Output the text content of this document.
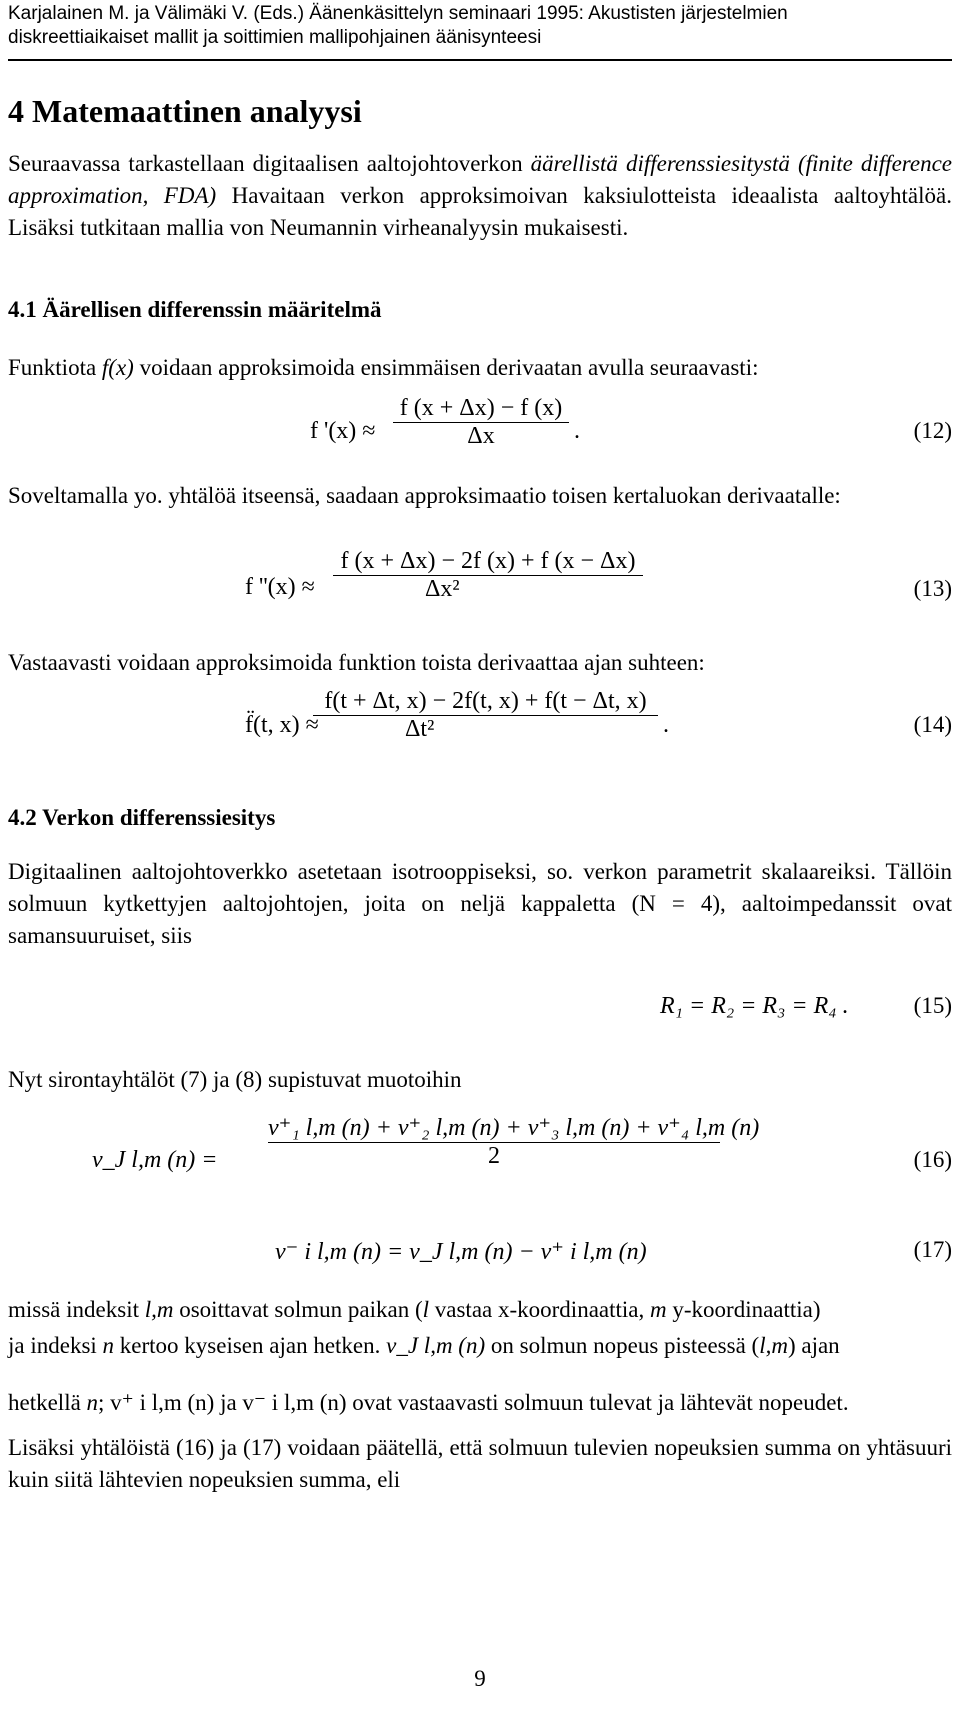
Karjalainen M. ja Välimäki V. (Eds.) Äänenkäsittelyn seminaari 1995: Akustisten järjestelmien
diskreettiaikaiset mallit ja soittimien mallipohjainen äänisynteesi
4 Matemaattinen analyysi
Seuraavassa tarkastellaan digitaalisen aaltojohtoverkon äärellistä differenssiesitystä (finite difference approximation, FDA) Havaitaan verkon approksimoivan kaksiulotteista ideaalista aaltoyhtälöä. Lisäksi tutkitaan mallia von Neumannin virheanalyysin mukaisesti.
4.1 Äärellisen differenssin määritelmä
Funktiota f(x) voidaan approksimoida ensimmäisen derivaatan avulla seuraavasti:
f '(x) ≈
f (x + Δx) − f (x)
Δx	.	(12)
Soveltamalla yo. yhtälöä itseensä, saadaan approksimaatio toisen kertaluokan derivaatalle:
f ''(x) ≈
f (x + Δx) − 2f (x) + f (x − Δx)
Δx²	(13)
Vastaavasti voidaan approksimoida funktion toista derivaattaa ajan suhteen:
f̈(t, x) ≈
f(t + Δt, x) − 2f(t, x) + f(t − Δt, x)
Δt²	.	(14)
4.2 Verkon differenssiesitys
Digitaalinen aaltojohtoverkko asetetaan isotrooppiseksi, so. verkon parametrit skalaareiksi. Tällöin solmuun kytkettyjen aaltojohtojen, joita on neljä kappaletta (N = 4), aaltoimpedanssit ovat samansuuruiset, siis
R₁ = R₂ = R₃ = R₄ .	(15)
Nyt sirontayhtälöt (7) ja (8) supistuvat muotoihin
v_J l,m (n) =
v⁺₁ l,m (n) + v⁺₂ l,m (n) + v⁺₃ l,m (n) + v⁺₄ l,m (n)
2	(16)
v⁻ i l,m (n) = v_J l,m (n) − v⁺ i l,m (n)	(17)
missä indeksit l,m osoittavat solmun paikan (l vastaa x-koordinaattia, m y-koordinaattia)
ja indeksi n kertoo kyseisen ajan hetken. v_J l,m (n) on solmun nopeus pisteessä (l,m) ajan
hetkellä n; v⁺ i l,m (n) ja v⁻ i l,m (n) ovat vastaavasti solmuun tulevat ja lähtevät nopeudet.
Lisäksi yhtälöistä (16) ja (17) voidaan päätellä, että solmuun tulevien nopeuksien summa on yhtäsuuri kuin siitä lähtevien nopeuksien summa, eli
9
